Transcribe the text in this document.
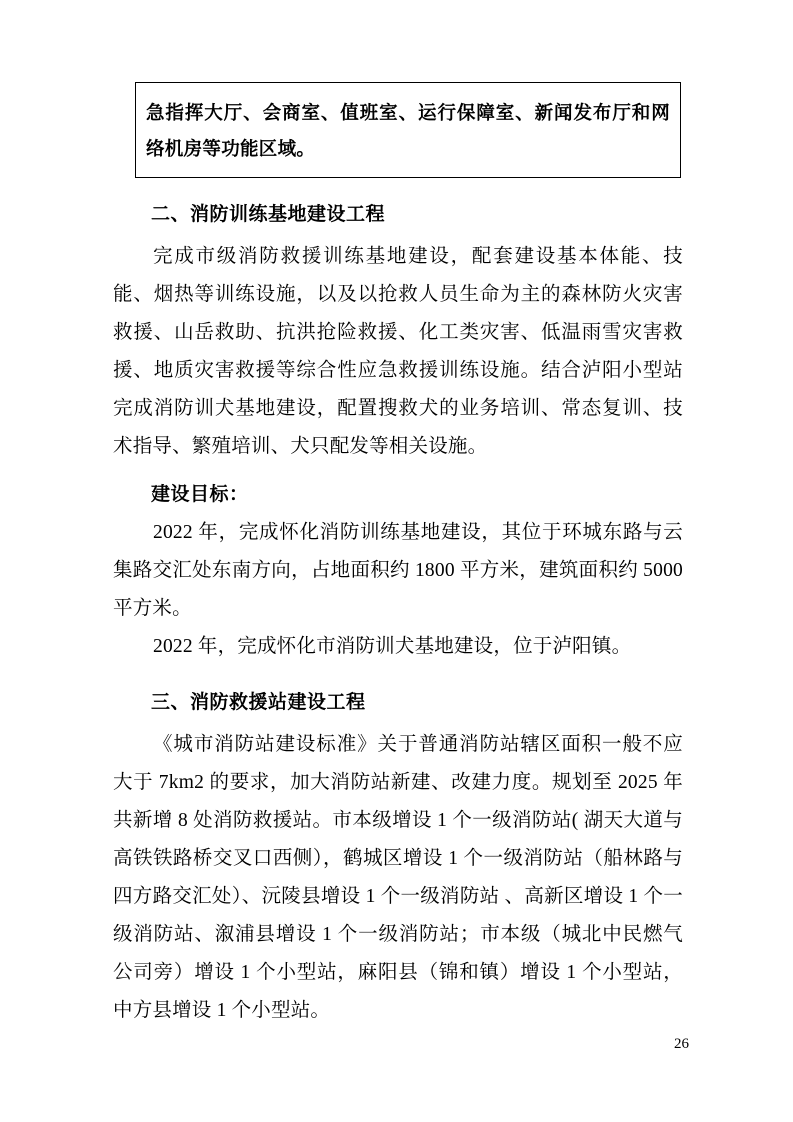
急指挥大厅、会商室、值班室、运行保障室、新闻发布厅和网络机房等功能区域。

二、消防训练基地建设工程

完成市级消防救援训练基地建设，配套建设基本体能、技能、烟热等训练设施，以及以抢救人员生命为主的森林防火灾害救援、山岳救助、抗洪抢险救援、化工类灾害、低温雨雪灾害救援、地质灾害救援等综合性应急救援训练设施。结合泸阳小型站完成消防训犬基地建设，配置搜救犬的业务培训、常态复训、技术指导、繁殖培训、犬只配发等相关设施。

建设目标：

2022 年，完成怀化消防训练基地建设，其位于环城东路与云集路交汇处东南方向，占地面积约 1800 平方米，建筑面积约 5000 平方米。

2022 年，完成怀化市消防训犬基地建设，位于泸阳镇。

三、消防救援站建设工程

《城市消防站建设标准》关于普通消防站辖区面积一般不应大于 7km2 的要求，加大消防站新建、改建力度。规划至 2025 年共新增 8 处消防救援站。市本级增设 1 个一级消防站( 湖天大道与高铁铁路桥交叉口西侧），鹤城区增设 1 个一级消防站（船林路与四方路交汇处）、沅陵县增设 1 个一级消防站 、高新区增设 1 个一级消防站、溆浦县增设 1 个一级消防站；市本级（城北中民燃气公司旁）增设 1 个小型站，麻阳县（锦和镇）增设 1 个小型站，中方县增设 1 个小型站。

26
